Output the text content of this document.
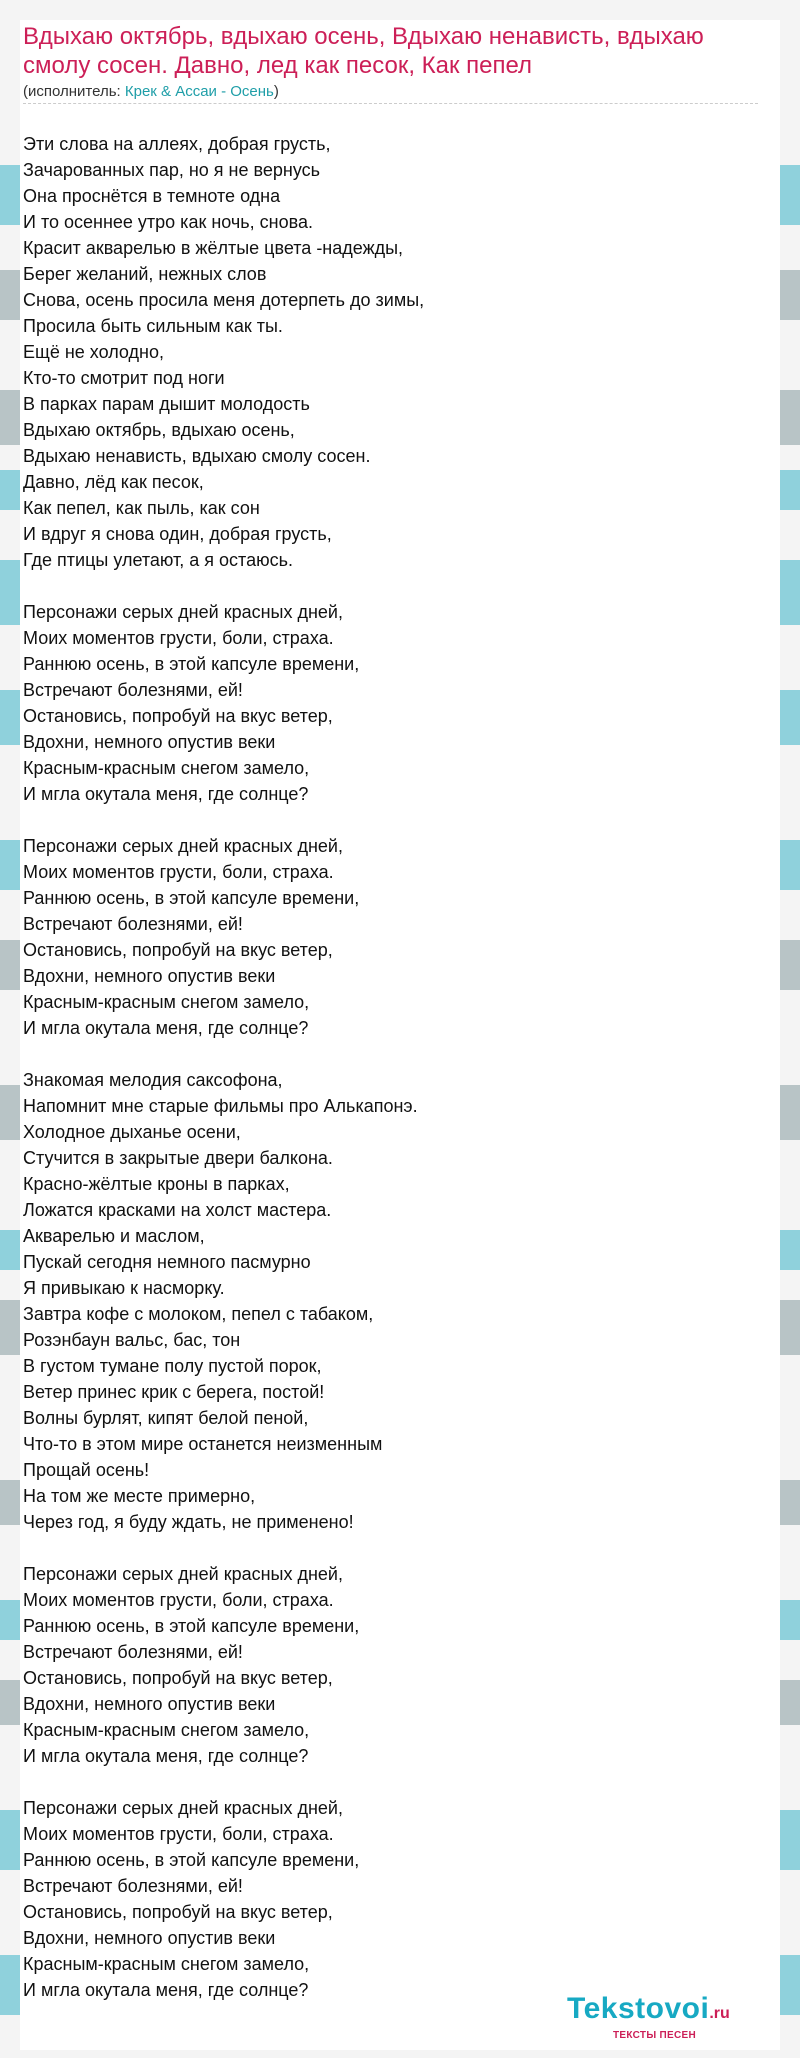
Вдыхаю октябрь, вдыхаю осень, Вдыхаю ненависть, вдыхаю смолу сосен. Давно, лед как песок, Как пепел

(исполнитель: Крек & Ассаи - Осень)

Эти слова на аллеях, добрая грусть,
Зачарованных пар, но я не вернусь
Она проснётся в темноте одна
И то осеннее утро как ночь, снова.
Красит акварелью в жёлтые цвета -надежды,
Берег желаний, нежных слов
Снова, осень просила меня дотерпеть до зимы,
Просила быть сильным как ты.
Ещё не холодно,
Кто-то смотрит под ноги
В парках парам дышит молодость
Вдыхаю октябрь, вдыхаю осень,
Вдыхаю ненависть, вдыхаю смолу сосен.
Давно, лёд как песок,
Как пепел, как пыль, как сон
И вдруг я снова один, добрая грусть,
Где птицы улетают, а я остаюсь.
Персонажи серых дней красных дней,
Моих моментов грусти, боли, страха.
Раннюю осень, в этой капсуле времени,
Встречают болезнями, ей!
Остановись, попробуй на вкус ветер,
Вдохни, немного опустив веки
Красным-красным снегом замело,
И мгла окутала меня, где солнце?
Персонажи серых дней красных дней,
Моих моментов грусти, боли, страха.
Раннюю осень, в этой капсуле времени,
Встречают болезнями, ей!
Остановись, попробуй на вкус ветер,
Вдохни, немного опустив веки
Красным-красным снегом замело,
И мгла окутала меня, где солнце?
Знакомая мелодия саксофона,
Напомнит мне старые фильмы про Алькапонэ.
Холодное дыханье осени,
Стучится в закрытые двери балкона.
Красно-жёлтые кроны в парках,
Ложатся красками на холст мастера.
Акварелью и маслом,
Пускай сегодня немного пасмурно
Я привыкаю к насморку.
Завтра кофе с молоком, пепел с табаком,
Розэнбаун вальс, бас, тон
В густом тумане полу пустой порок,
Ветер принес крик с берега, постой!
Волны бурлят, кипят белой пеной,
Что-то в этом мире останется неизменным
Прощай осень!
На том же месте примерно,
Через год, я буду ждать, не применено!
Персонажи серых дней красных дней,
Моих моментов грусти, боли, страха.
Раннюю осень, в этой капсуле времени,
Встречают болезнями, ей!
Остановись, попробуй на вкус ветер,
Вдохни, немного опустив веки
Красным-красным снегом замело,
И мгла окутала меня, где солнце?
Персонажи серых дней красных дней,
Моих моментов грусти, боли, страха.
Раннюю осень, в этой капсуле времени,
Встречают болезнями, ей!
Остановись, попробуй на вкус ветер,
Вдохни, немного опустив веки
Красным-красным снегом замело,
И мгла окутала меня, где солнце?
Tekstovoi.ru
ТЕКСТЫ ПЕСЕН
